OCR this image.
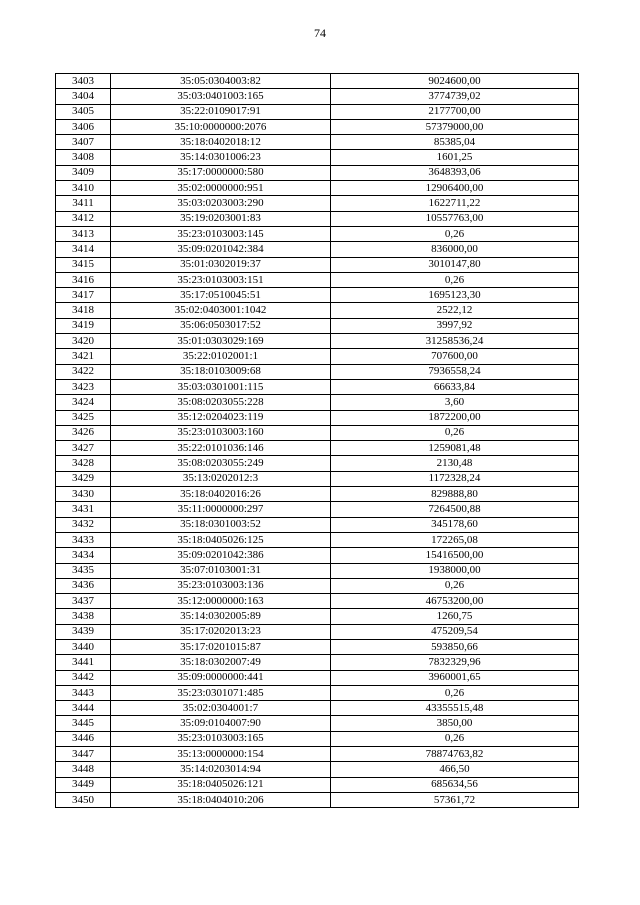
74
3403	35:05:0304003:82	9024600,00
3404	35:03:0401003:165	3774739,02
3405	35:22:0109017:91	2177700,00
3406	35:10:0000000:2076	57379000,00
3407	35:18:0402018:12	85385,04
3408	35:14:0301006:23	1601,25
3409	35:17:0000000:580	3648393,06
3410	35:02:0000000:951	12906400,00
3411	35:03:0203003:290	1622711,22
3412	35:19:0203001:83	10557763,00
3413	35:23:0103003:145	0,26
3414	35:09:0201042:384	836000,00
3415	35:01:0302019:37	3010147,80
3416	35:23:0103003:151	0,26
3417	35:17:0510045:51	1695123,30
3418	35:02:0403001:1042	2522,12
3419	35:06:0503017:52	3997,92
3420	35:01:0303029:169	31258536,24
3421	35:22:0102001:1	707600,00
3422	35:18:0103009:68	7936558,24
3423	35:03:0301001:115	66633,84
3424	35:08:0203055:228	3,60
3425	35:12:0204023:119	1872200,00
3426	35:23:0103003:160	0,26
3427	35:22:0101036:146	1259081,48
3428	35:08:0203055:249	2130,48
3429	35:13:0202012:3	1172328,24
3430	35:18:0402016:26	829888,80
3431	35:11:0000000:297	7264500,88
3432	35:18:0301003:52	345178,60
3433	35:18:0405026:125	172265,08
3434	35:09:0201042:386	15416500,00
3435	35:07:0103001:31	1938000,00
3436	35:23:0103003:136	0,26
3437	35:12:0000000:163	46753200,00
3438	35:14:0302005:89	1260,75
3439	35:17:0202013:23	475209,54
3440	35:17:0201015:87	593850,66
3441	35:18:0302007:49	7832329,96
3442	35:09:0000000:441	3960001,65
3443	35:23:0301071:485	0,26
3444	35:02:0304001:7	43355515,48
3445	35:09:0104007:90	3850,00
3446	35:23:0103003:165	0,26
3447	35:13:0000000:154	78874763,82
3448	35:14:0203014:94	466,50
3449	35:18:0405026:121	685634,56
3450	35:18:0404010:206	57361,72
